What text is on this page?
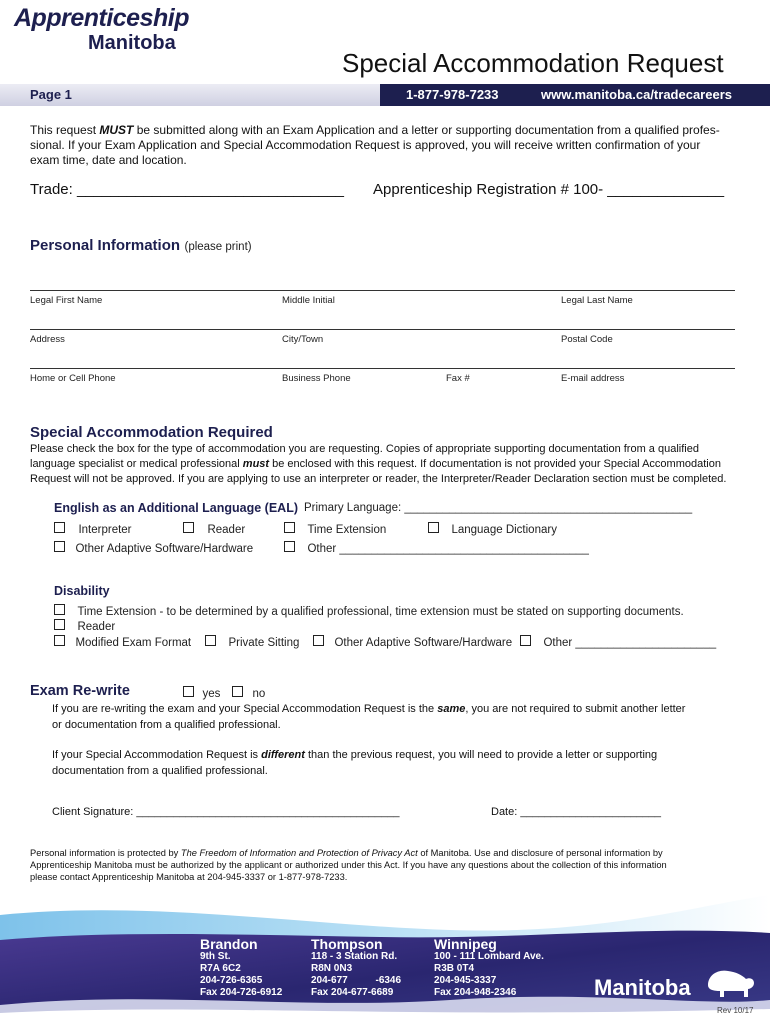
Apprenticeship
Manitoba
Special Accommodation Request
Page 1	1-877-978-7233	www.manitoba.ca/tradecareers
This request MUST be submitted along with an Exam Application and a letter or supporting documentation from a qualified profes-
sional. If your Exam Application and Special Accommodation Request is approved, you will receive written confirmation of your
exam time, date and location.
Trade: ________________________________ Apprenticeship Registration # 100- ______________
Personal Information (please print)
Legal First Name	Middle Initial	Legal Last Name
Address	City/Town	Postal Code
Home or Cell Phone	Business Phone	Fax #	E-mail address
Special Accommodation Required
Please check the box for the type of accommodation you are requesting. Copies of appropriate supporting documentation from a qualified
language specialist or medical professional must be enclosed with this request. If documentation is not provided your Special Accommodation
Request will not be approved. If you are applying to use an interpreter or reader, the Interpreter/Reader Declaration section must be completed.
English as an Additional Language (EAL) Primary Language: _____________________________________________
Interpreter	Reader	Time Extension	Language Dictionary
Other Adaptive Software/Hardware	Other _______________________________________
Disability
Time Extension - to be determined by a qualified professional, time extension must be stated on supporting documents.
Reader
Modified Exam Format	Private Sitting	Other Adaptive Software/Hardware	Other ______________________
Exam Re-write	yes	no
If you are re-writing the exam and your Special Accommodation Request is the same, you are not required to submit another letter
or documentation from a qualified professional.
If your Special Accommodation Request is different than the previous request, you will need to provide a letter or supporting
documentation from a qualified professional.
Client Signature: ___________________________________________	Date: _______________________
Personal information is protected by The Freedom of Information and Protection of Privacy Act of Manitoba. Use and disclosure of personal information by
Apprenticeship Manitoba must be authorized by the applicant or authorized under this Act. If you have any questions about the collection of this information
please contact Apprenticeship Manitoba at 204-945-3337 or 1-877-978-7233.
Brandon
9th St.
R7A 6C2
204-726-6365
Fax 204-726-6912
Thompson
118 - 3 Station Rd.
R8N 0N3
204-677          -6346
Fax 204-677-6689
Winnipeg
100 - 111 Lombard Ave.
R3B 0T4
204-945-3337
Fax 204-948-2346	Manitoba
Rev 10/17
